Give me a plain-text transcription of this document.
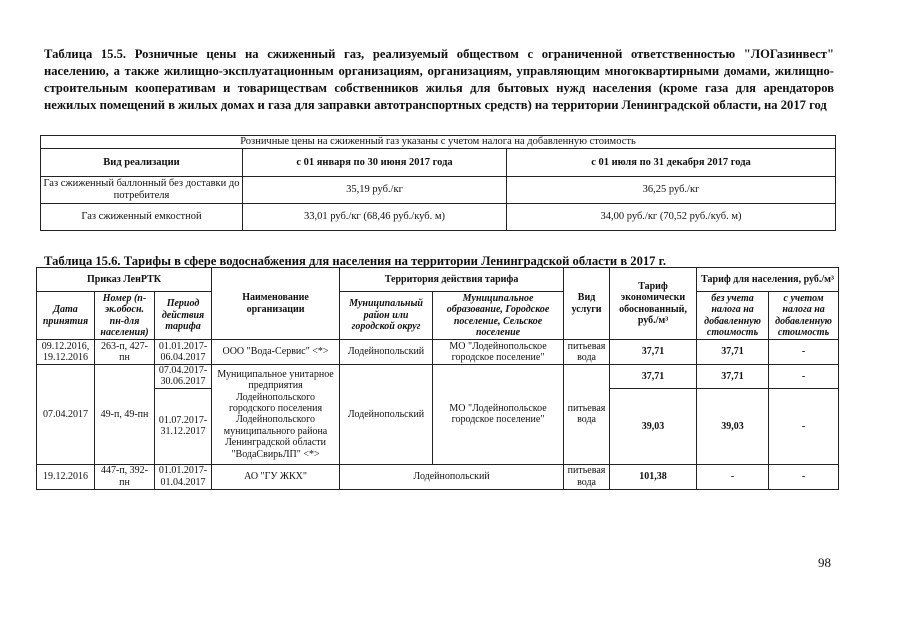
Таблица 15.5. Розничные цены на сжиженный газ, реализуемый обществом с ограниченной ответственностью "ЛОГазинвест" населению, а также жилищно-эксплуатационным организациям, организациям, управляющим многоквартирными домами, жилищно-строительным кооперативам и товариществам собственников жилья для бытовых нужд населения (кроме газа для арендаторов нежилых помещений в жилых домах и газа для заправки автотранспортных средств) на территории Ленинградской области, на 2017 год
Розничные цены на сжиженный газ указаны с учетом налога на добавленную стоимость		
Вид реализации	с 01 января по 30 июня 2017 года	с 01 июля по 31 декабря 2017 года
Газ сжиженный баллонный без доставки до потребителя	35,19 руб./кг	36,25 руб./кг
Газ сжиженный емкостной	33,01 руб./кг (68,46 руб./куб. м)	34,00 руб./кг (70,52 руб./куб. м)
Таблица 15.6. Тарифы в сфере водоснабжения для населения на территории Ленинградской области в 2017 г.
Приказ ЛенРТК			Наименование организации	Территория действия тарифа		Вид услуги	Тариф экономически обоснованный, руб./м³	Тариф для населения, руб./м³	
Дата принятия	Номер (п-эк.обосн. пн-для населения)	Период действия тарифа		Муниципальный район или городской округ	Муниципальное образование, Городское поселение, Сельское поселение			без учета налога на добавленную стоимость	с учетом налога на добавленную стоимость
09.12.2016, 19.12.2016	263-п, 427-пн	01.01.2017-06.04.2017	ООО "Вода-Сервис" <*>	Лодейнопольский	МО "Лодейнопольское городское поселение"	питьевая вода	37,71	37,71	-
07.04.2017	49-п, 49-пн	07.04.2017-30.06.2017	Муниципальное унитарное предприятия Лодейнопольского городского поселения Лодейнопольского муниципального района Ленинградской области "ВодаСвирьЛП" <*>	Лодейнопольский	МО "Лодейнопольское городское поселение"	питьевая вода	37,71	37,71	-
		01.07.2017-31.12.2017					39,03	39,03	-
19.12.2016	447-п, 392-пн	01.01.2017-01.04.2017	АО "ГУ ЖКХ"	Лодейнопольский		питьевая вода	101,38	-	-
98
